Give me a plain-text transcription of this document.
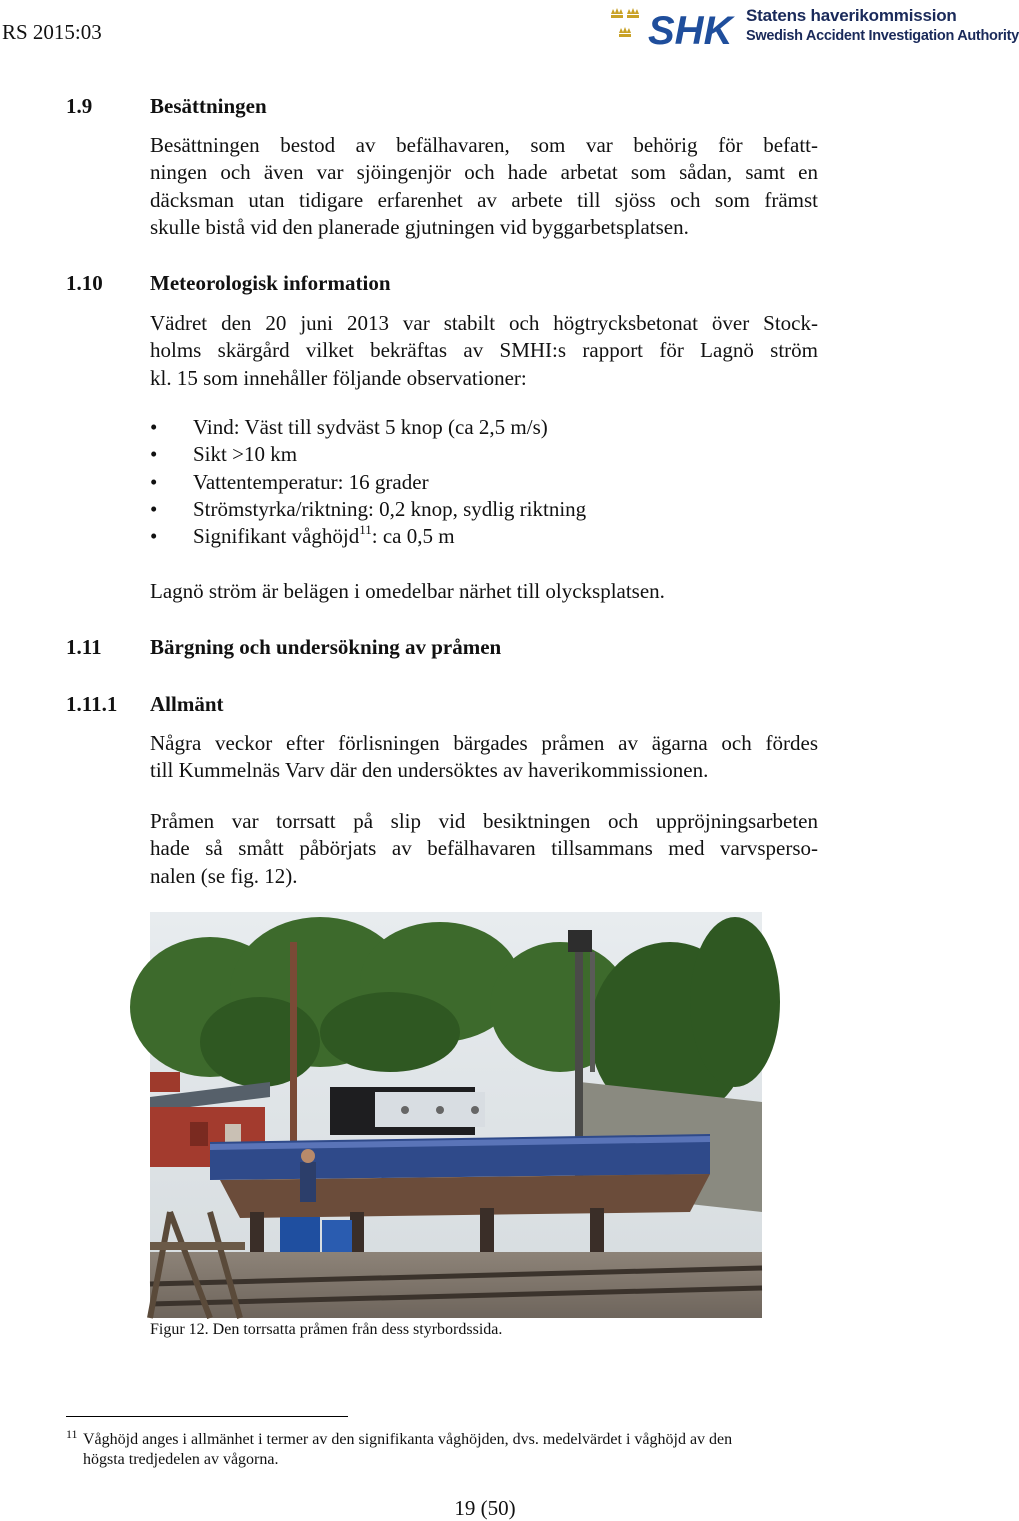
RS 2015:03	SHK Statens haverikommission
Swedish Accident Investigation Authority
1.9	Besättningen
Besättningen bestod av befälhavaren, som var behörig för befatt-
ningen och även var sjöingenjör och hade arbetat som sådan, samt en
däcksman utan tidigare erfarenhet av arbete till sjöss och som främst
skulle bistå vid den planerade gjutningen vid byggarbetsplatsen.
1.10 Meteorologisk information
Vädret den 20 juni 2013 var stabilt och högtrycksbetonat över Stock-
holms skärgård vilket bekräftas av SMHI:s rapport för Lagnö ström
kl. 15 som innehåller följande observationer:
• Vind: Väst till sydväst 5 knop (ca 2,5 m/s)
• Sikt >10 km
• Vattentemperatur: 16 grader
• Strömstyrka/riktning: 0,2 knop, sydlig riktning
• Signifikant våghöjd$^{11}$: ca 0,5 m
Lagnö ström är belägen i omedelbar närhet till olycksplatsen.
1.11 Bärgning och undersökning av pråmen
1.11.1 Allmänt
Några veckor efter förlisningen bärgades pråmen av ägarna och fördes
till Kummelnäs Varv där den undersöktes av haverikommissionen.
Pråmen var torrsatt på slip vid besiktningen och uppröjningsarbeten
hade så smått påbörjats av befälhavaren tillsammans med varvsperso-
nalen (se fig. 12).
Figur 12. Den torrsatta pråmen från dess styrbordssida.
11 Våghöjd anges i allmänhet i termer av den signifikanta våghöjden, dvs. medelvärdet i våghöjd av den
högsta tredjedelen av vågorna.
19 (50)
